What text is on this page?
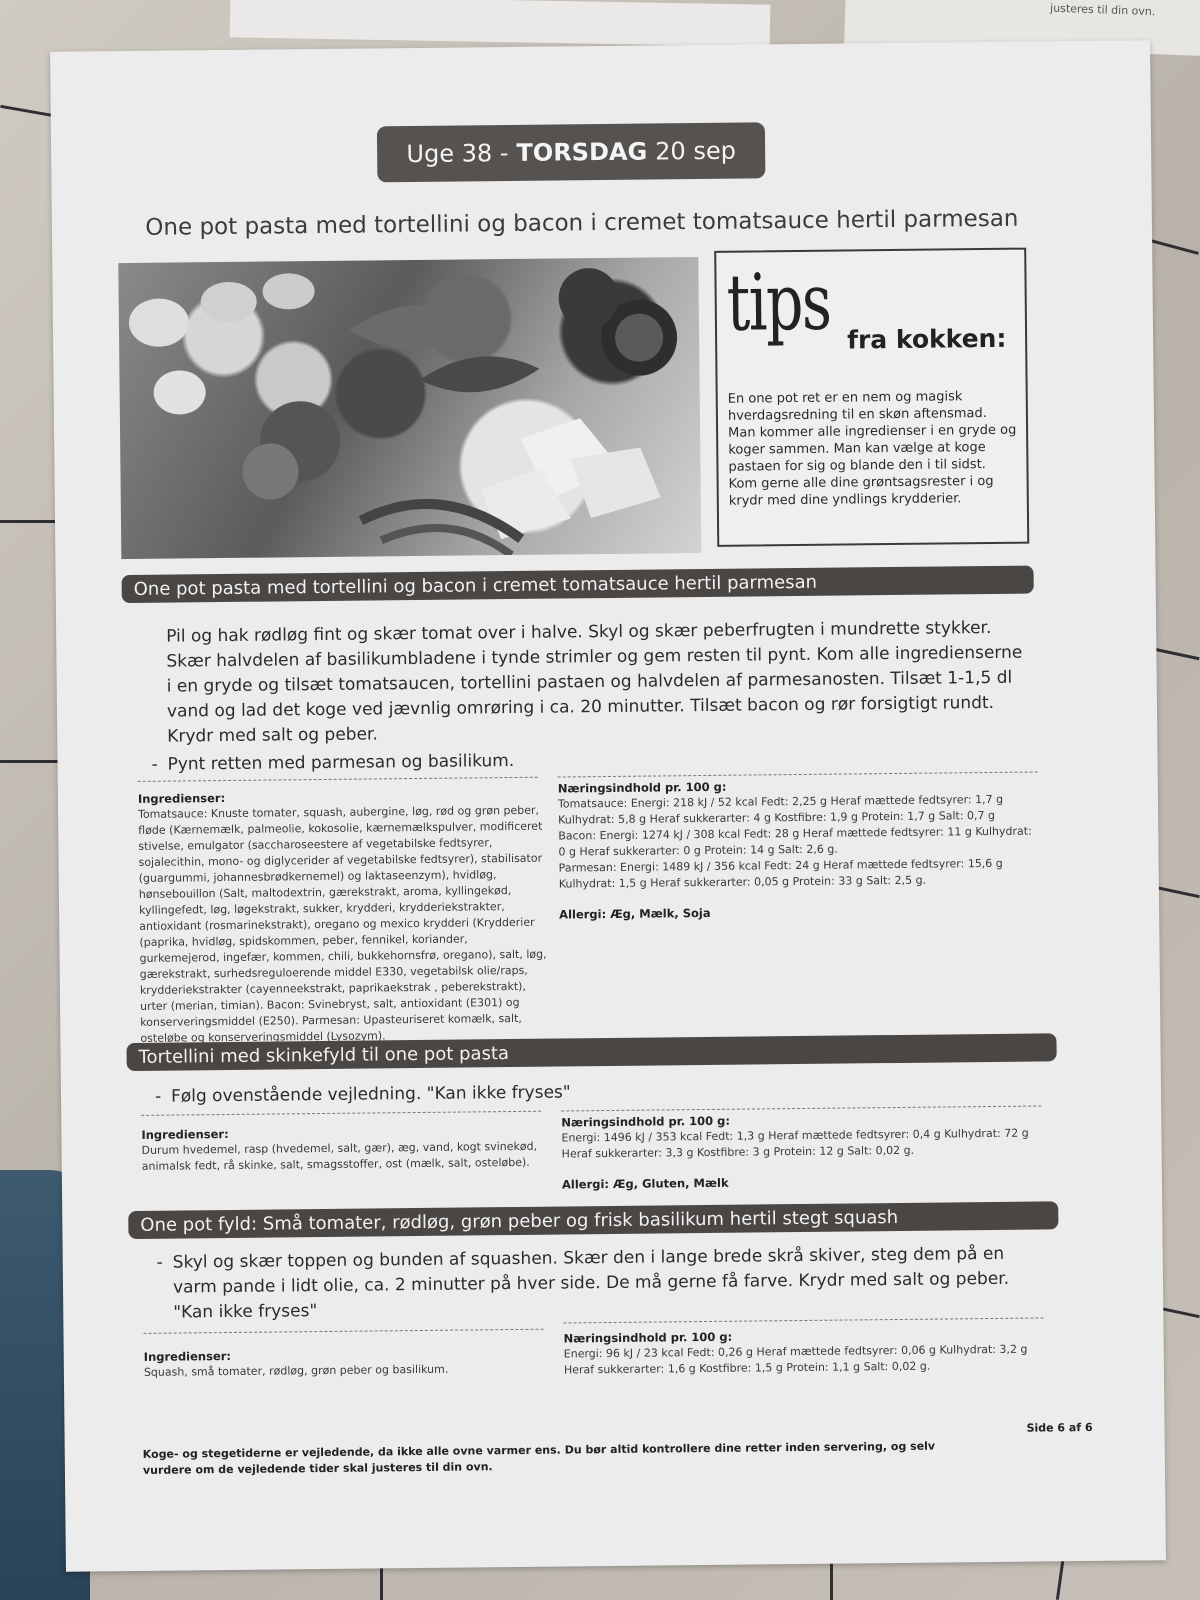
justeres til din ovn.
Uge 38 - TORSDAG 20 sep
One pot pasta med tortellini og bacon i cremet tomatsauce hertil parmesan
tips fra kokken:
En one pot ret er en nem og magisk hverdagsredning til en skøn aftensmad. Man kommer alle ingredienser i en gryde og koger sammen. Man kan vælge at koge pastaen for sig og blande den i til sidst. Kom gerne alle dine grøntsagsrester i og krydr med dine yndlings krydderier.
One pot pasta med tortellini og bacon i cremet tomatsauce hertil parmesan
Pil og hak rødløg fint og skær tomat over i halve. Skyl og skær peberfrugten i mundrette stykker. Skær halvdelen af basilikumbladene i tynde strimler og gem resten til pynt. Kom alle ingredienserne i en gryde og tilsæt tomatsaucen, tortellini pastaen og halvdelen af parmesanosten. Tilsæt 1-1,5 dl vand og lad det koge ved jævnlig omrøring i ca. 20 minutter. Tilsæt bacon og rør forsigtigt rundt. Krydr med salt og peber.
- Pynt retten med parmesan og basilikum.
Ingredienser:
Tomatsauce: Knuste tomater, squash, aubergine, løg, rød og grøn peber, fløde (Kærnemælk, palmeolie, kokosolie, kærnemælkspulver, modificeret stivelse, emulgator (saccharoseestere af vegetabilske fedtsyrer, sojalecithin, mono- og diglycerider af vegetabilske fedtsyrer), stabilisator (guargummi, johannesbrødkernemel) og laktaseenzym), hvidløg, hønsebouillon (Salt, maltodextrin, gærekstrakt, aroma, kyllingekød, kyllingefedt, løg, løgekstrakt, sukker, krydderi, krydderiekstrakter, antioxidant (rosmarinekstrakt), oregano og mexico krydderi (Krydderier (paprika, hvidløg, spidskommen, peber, fennikel, koriander, gurkemejerod, ingefær, kommen, chili, bukkehornsfrø, oregano), salt, løg, gærekstrakt, surhedsreguloerende middel E330, vegetabilsk olie/raps, krydderiekstrakter (cayenneekstrakt, paprikaekstrak , peberekstrakt), urter (merian, timian). Bacon: Svinebryst, salt, antioxidant (E301) og konserveringsmiddel (E250). Parmesan: Upasteuriseret komælk, salt, osteløbe og konserveringsmiddel (Lysozym).
Næringsindhold pr. 100 g:
Tomatsauce: Energi: 218 kJ / 52 kcal Fedt: 2,25 g Heraf mættede fedtsyrer: 1,7 g Kulhydrat: 5,8 g Heraf sukkerarter: 4 g Kostfibre: 1,9 g Protein: 1,7 g Salt: 0,7 g
Bacon: Energi: 1274 kJ / 308 kcal Fedt: 28 g Heraf mættede fedtsyrer: 11 g Kulhydrat: 0 g Heraf sukkerarter: 0 g Protein: 14 g Salt: 2,6 g.
Parmesan: Energi: 1489 kJ / 356 kcal Fedt: 24 g Heraf mættede fedtsyrer: 15,6 g Kulhydrat: 1,5 g Heraf sukkerarter: 0,05 g Protein: 33 g Salt: 2,5 g.
Allergi: Æg, Mælk, Soja
Tortellini med skinkefyld til one pot pasta
- Følg ovenstående vejledning. "Kan ikke fryses"
Ingredienser:
Durum hvedemel, rasp (hvedemel, salt, gær), æg, vand, kogt svinekød, animalsk fedt, rå skinke, salt, smagsstoffer, ost (mælk, salt, osteløbe).
Næringsindhold pr. 100 g:
Energi: 1496 kJ / 353 kcal Fedt: 1,3 g Heraf mættede fedtsyrer: 0,4 g Kulhydrat: 72 g Heraf sukkerarter: 3,3 g Kostfibre: 3 g Protein: 12 g Salt: 0,02 g.
Allergi: Æg, Gluten, Mælk
One pot fyld: Små tomater, rødløg, grøn peber og frisk basilikum hertil stegt squash
- Skyl og skær toppen og bunden af squashen. Skær den i lange brede skrå skiver, steg dem på en varm pande i lidt olie, ca. 2 minutter på hver side. De må gerne få farve. Krydr med salt og peber. "Kan ikke fryses"
Ingredienser:
Squash, små tomater, rødløg, grøn peber og basilikum.
Næringsindhold pr. 100 g:
Energi: 96 kJ / 23 kcal Fedt: 0,26 g Heraf mættede fedtsyrer: 0,06 g Kulhydrat: 3,2 g Heraf sukkerarter: 1,6 g Kostfibre: 1,5 g Protein: 1,1 g Salt: 0,02 g.
Koge- og stegetiderne er vejledende, da ikke alle ovne varmer ens. Du bør altid kontrollere dine retter inden servering, og selv vurdere om de vejledende tider skal justeres til din ovn.
Side 6 af 6
